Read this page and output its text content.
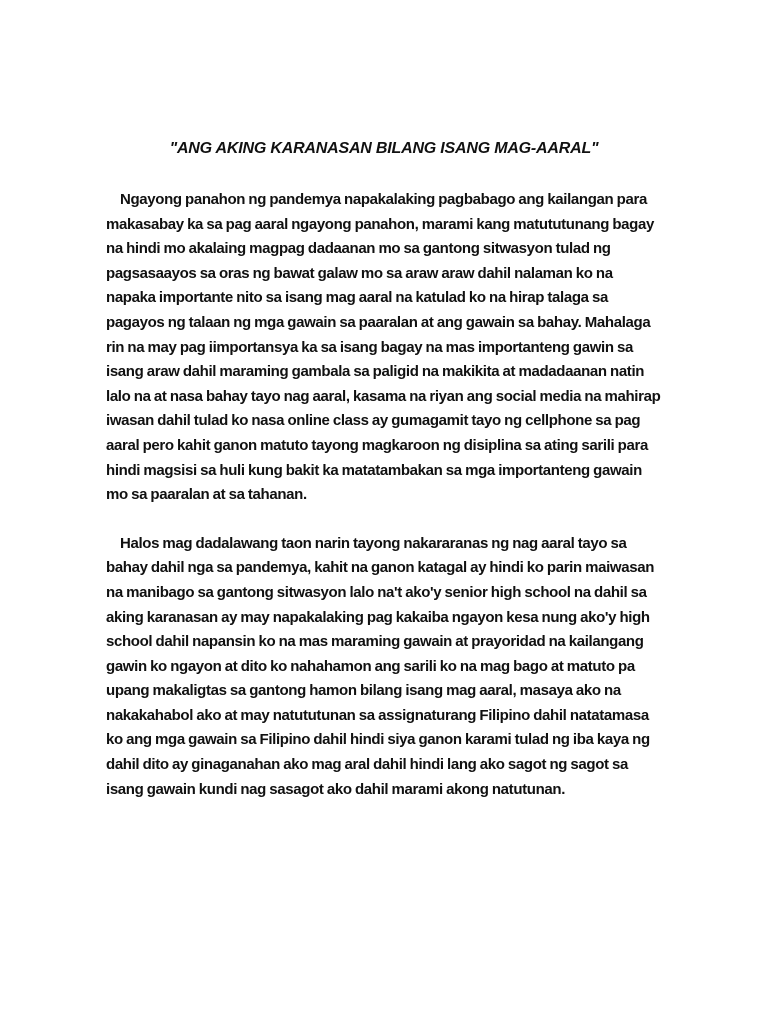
"ANG AKING KARANASAN BILANG ISANG MAG-AARAL"

Ngayong panahon ng pandemya napakalaking pagbabago ang kailangan para
makasabay ka sa pag aaral ngayong panahon, marami kang matututunang bagay
na hindi mo akalaing magpag dadaanan mo sa gantong sitwasyon tulad ng
pagsasaayos sa oras ng bawat galaw mo sa araw araw dahil nalaman ko na
napaka importante nito sa isang mag aaral na katulad ko na hirap talaga sa
pagayos ng talaan ng mga gawain sa paaralan at ang gawain sa bahay. Mahalaga
rin na may pag iimportansya ka sa isang bagay na mas importanteng gawin sa
isang araw dahil maraming gambala sa paligid na makikita at madadaanan natin
lalo na at nasa bahay tayo nag aaral, kasama na riyan ang social media na mahirap
iwasan dahil tulad ko nasa online class ay gumagamit tayo ng cellphone sa pag
aaral pero kahit ganon matuto tayong magkaroon ng disiplina sa ating sarili para
hindi magsisi sa huli kung bakit ka matatambakan sa mga importanteng gawain
mo sa paaralan at sa tahanan.

Halos mag dadalawang taon narin tayong nakararanas ng nag aaral tayo sa
bahay dahil nga sa pandemya, kahit na ganon katagal ay hindi ko parin maiwasan
na manibago sa gantong sitwasyon lalo na't ako'y senior high school na dahil sa
aking karanasan ay may napakalaking pag kakaiba ngayon kesa nung ako'y high
school dahil napansin ko na mas maraming gawain at prayoridad na kailangang
gawin ko ngayon at dito ko nahahamon ang sarili ko na mag bago at matuto pa
upang makaligtas sa gantong hamon bilang isang mag aaral, masaya ako na
nakakahabol ako at may natututunan sa assignaturang Filipino dahil natatamasa
ko ang mga gawain sa Filipino dahil hindi siya ganon karami tulad ng iba kaya ng
dahil dito ay ginaganahan ako mag aral dahil hindi lang ako sagot ng sagot sa
isang gawain kundi nag sasagot ako dahil marami akong natutunan.
